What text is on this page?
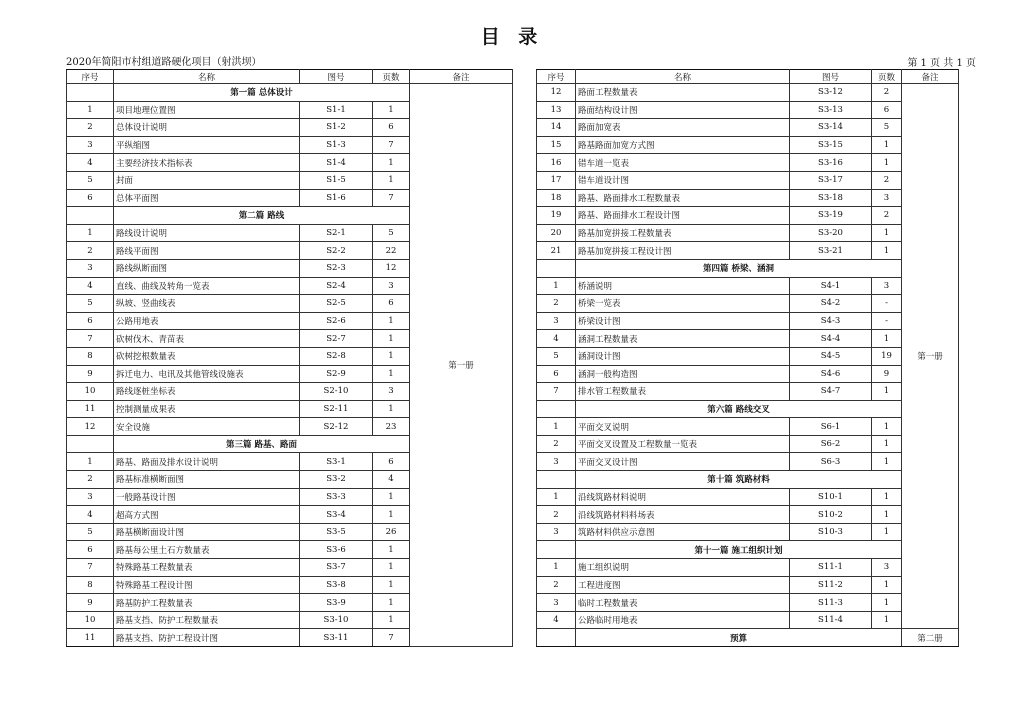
目 录
2020年简阳市村组道路硬化项目（射洪坝）	第 1 页 共 1 页
序号	名称	图号	页数	备注
	第一篇 总体设计			第一册
1	项目地理位置图	S1-1	1	
2	总体设计说明	S1-2	6	
3	平纵缩图	S1-3	7	
4	主要经济技术指标表	S1-4	1	
5	封面	S1-5	1	
6	总体平面图	S1-6	7	
	第二篇 路线			
1	路线设计说明	S2-1	5	
2	路线平面图	S2-2	22	
3	路线纵断面图	S2-3	12	
4	直线、曲线及转角一览表	S2-4	3	
5	纵坡、竖曲线表	S2-5	6	
6	公路用地表	S2-6	1	
7	砍树伐木、青苗表	S2-7	1	
8	砍树挖根数量表	S2-8	1	
9	拆迁电力、电讯及其他管线设施表	S2-9	1	
10	路线逐桩坐标表	S2-10	3	
11	控制测量成果表	S2-11	1	
12	安全设施	S2-12	23	
	第三篇 路基、路面			
1	路基、路面及排水设计说明	S3-1	6	
2	路基标准横断面图	S3-2	4	
3	一般路基设计图	S3-3	1	
4	超高方式图	S3-4	1	
5	路基横断面设计图	S3-5	26	
6	路基每公里土石方数量表	S3-6	1	
7	特殊路基工程数量表	S3-7	1	
8	特殊路基工程设计图	S3-8	1	
9	路基防护工程数量表	S3-9	1	
10	路基支挡、防护工程数量表	S3-10	1	
11	路基支挡、防护工程设计图	S3-11	7	
序号	名称	图号	页数	备注
12	路面工程数量表	S3-12	2	第一册
13	路面结构设计图	S3-13	6	
14	路面加宽表	S3-14	5	
15	路基路面加宽方式图	S3-15	1	
16	错车道一览表	S3-16	1	
17	错车道设计图	S3-17	2	
18	路基、路面排水工程数量表	S3-18	3	
19	路基、路面排水工程设计图	S3-19	2	
20	路基加宽拼接工程数量表	S3-20	1	
21	路基加宽拼接工程设计图	S3-21	1	
	第四篇 桥梁、涵洞			
1	桥涵说明	S4-1	3	
2	桥梁一览表	S4-2	-	
3	桥梁设计图	S4-3	-	
4	涵洞工程数量表	S4-4	1	
5	涵洞设计图	S4-5	19	
6	涵洞一般构造图	S4-6	9	
7	排水管工程数量表	S4-7	1	
	第六篇 路线交叉			
1	平面交叉说明	S6-1	1	
2	平面交叉设置及工程数量一览表	S6-2	1	
3	平面交叉设计图	S6-3	1	
	第十篇 筑路材料			
1	沿线筑路材料说明	S10-1	1	
2	沿线筑路材料料场表	S10-2	1	
3	筑路材料供应示意图	S10-3	1	
	第十一篇 施工组织计划			
1	施工组织说明	S11-1	3	
2	工程进度图	S11-2	1	
3	临时工程数量表	S11-3	1	
4	公路临时用地表	S11-4	1	
	预算			第二册
